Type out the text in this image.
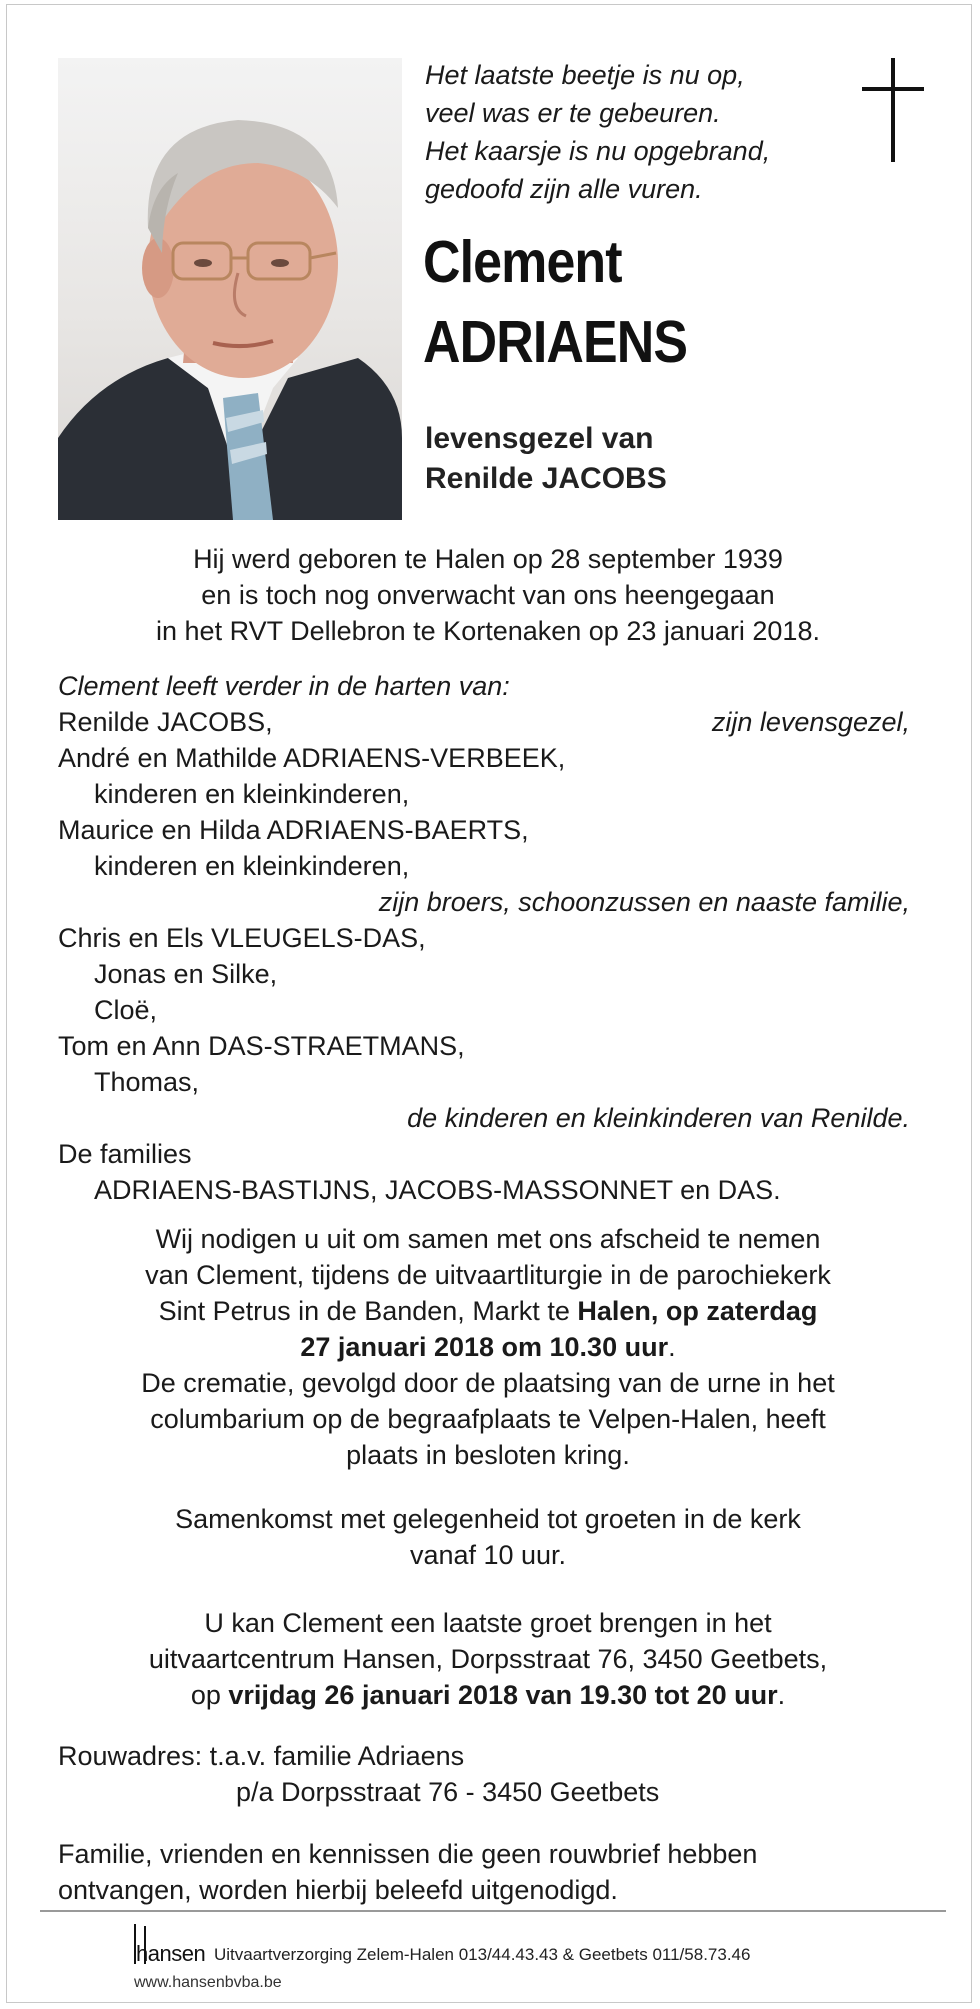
Het laatste beetje is nu op,
veel was er te gebeuren.
Het kaarsje is nu opgebrand,
gedoofd zijn alle vuren.
Clement
ADRIAENS
levensgezel van
Renilde JACOBS
Hij werd geboren te Halen op 28 september 1939
en is toch nog onverwacht van ons heengegaan
in het RVT Dellebron te Kortenaken op 23 januari 2018.
Clement leeft verder in de harten van:
Renilde JACOBS,	zijn levensgezel,
André en Mathilde ADRIAENS-VERBEEK,
kinderen en kleinkinderen,
Maurice en Hilda ADRIAENS-BAERTS,
kinderen en kleinkinderen,
zijn broers, schoonzussen en naaste familie,
Chris en Els VLEUGELS-DAS,
Jonas en Silke,
Cloë,
Tom en Ann DAS-STRAETMANS,
Thomas,
de kinderen en kleinkinderen van Renilde.
De families
ADRIAENS-BASTIJNS, JACOBS-MASSONNET en DAS.
Wij nodigen u uit om samen met ons afscheid te nemen
van Clement, tijdens de uitvaartliturgie in de parochiekerk
Sint Petrus in de Banden, Markt te Halen, op zaterdag
27 januari 2018 om 10.30 uur.
De crematie, gevolgd door de plaatsing van de urne in het
columbarium op de begraafplaats te Velpen-Halen, heeft
plaats in besloten kring.
Samenkomst met gelegenheid tot groeten in de kerk
vanaf 10 uur.
U kan Clement een laatste groet brengen in het
uitvaartcentrum Hansen, Dorpsstraat 76, 3450 Geetbets,
op vrijdag 26 januari 2018 van 19.30 tot 20 uur.
Rouwadres: t.a.v. familie Adriaens
p/a Dorpsstraat 76 - 3450 Geetbets
Familie, vrienden en kennissen die geen rouwbrief hebben
ontvangen, worden hierbij beleefd uitgenodigd.
hansen Uitvaartverzorging Zelem-Halen 013/44.43.43 & Geetbets 011/58.73.46
www.hansenbvba.be
